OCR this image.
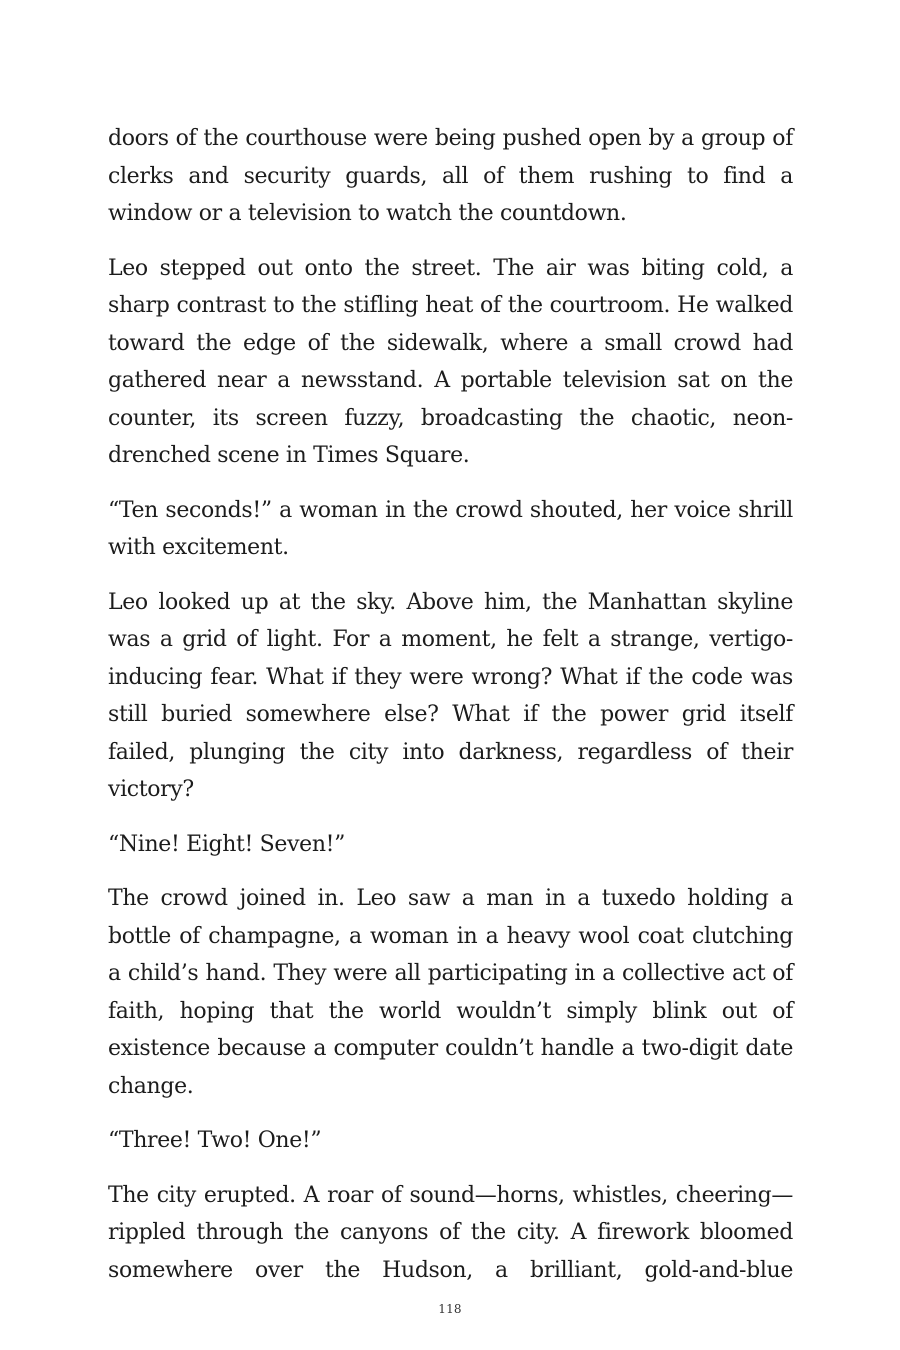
doors of the courthouse were being pushed open by a group of clerks and security guards, all of them rushing to find a window or a television to watch the countdown.

Leo stepped out onto the street. The air was biting cold, a sharp contrast to the stifling heat of the courtroom. He walked toward the edge of the sidewalk, where a small crowd had gathered near a newsstand. A portable television sat on the counter, its screen fuzzy, broadcasting the chaotic, neon-drenched scene in Times Square.

“Ten seconds!” a woman in the crowd shouted, her voice shrill with excitement.

Leo looked up at the sky. Above him, the Manhattan skyline was a grid of light. For a moment, he felt a strange, vertigo-inducing fear. What if they were wrong? What if the code was still buried somewhere else? What if the power grid itself failed, plunging the city into darkness, regardless of their victory?

“Nine! Eight! Seven!”

The crowd joined in. Leo saw a man in a tuxedo holding a bottle of champagne, a woman in a heavy wool coat clutching a child’s hand. They were all participating in a collective act of faith, hoping that the world wouldn’t simply blink out of existence because a computer couldn’t handle a two-digit date change.

“Three! Two! One!”

The city erupted. A roar of sound—horns, whistles, cheering—rippled through the canyons of the city. A firework bloomed somewhere over the Hudson, a brilliant, gold-and-blue

118
